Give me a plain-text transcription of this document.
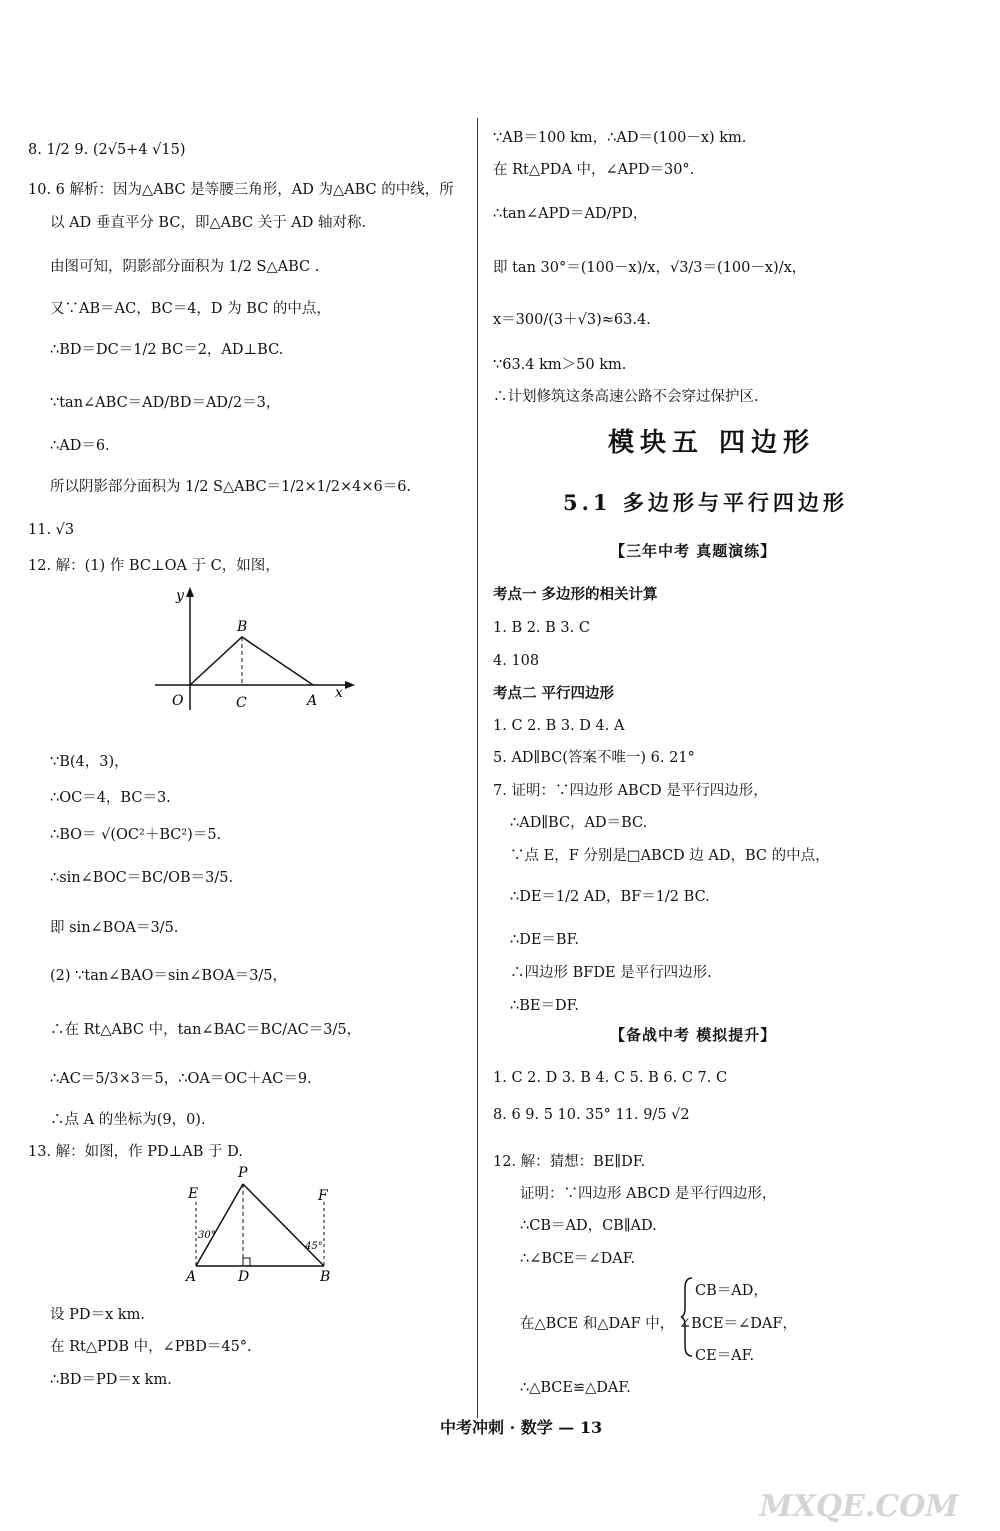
8. 1/2 9. (2√5+4 √15)
10. 6 解析：因为△ABC 是等腰三角形，AD 为△ABC 的中线，所
以 AD 垂直平分 BC，即△ABC 关于 AD 轴对称.
由图可知，阴影部分面积为 1/2 S△ABC .
又∵AB＝AC，BC＝4，D 为 BC 的中点，
∴BD＝DC＝1/2 BC＝2，AD⊥BC.
∵tan∠ABC＝AD/BD＝AD/2＝3，
∴AD＝6.
所以阴影部分面积为 1/2 S△ABC＝1/2×1/2×4×6＝6.
11. √3
12. 解：(1) 作 BC⊥OA 于 C，如图，
∵B(4，3)，
∴OC＝4，BC＝3.
∴BO＝ √(OC²＋BC²)＝5.
∴sin∠BOC＝BC/OB＝3/5.
即 sin∠BOA＝3/5.
(2) ∵tan∠BAO＝sin∠BOA＝3/5，
∴在 Rt△ABC 中，tan∠BAC＝BC/AC＝3/5，
∴AC＝5/3×3＝5，∴OA＝OC＋AC＝9.
∴点 A 的坐标为(9，0).
13. 解：如图，作 PD⊥AB 于 D.
设 PD＝x km.
在 Rt△PDB 中，∠PBD＝45°.
∴BD＝PD＝x km.
∵AB＝100 km，∴AD＝(100－x) km.
在 Rt△PDA 中，∠APD＝30°.
∴tan∠APD＝AD/PD，
即 tan 30°＝(100－x)/x，√3/3＝(100－x)/x，
x＝300/(3＋√3)≈63.4.
∵63.4 km＞50 km.
∴计划修筑这条高速公路不会穿过保护区.
考点一 多边形的相关计算
1. B 2. B 3. C
4. 108
考点二 平行四边形
1. C 2. B 3. D 4. A
5. AD∥BC(答案不唯一) 6. 21°
7. 证明：∵四边形 ABCD 是平行四边形，
∴AD∥BC，AD＝BC.
∵点 E，F 分别是□ABCD 边 AD，BC 的中点，
∴DE＝1/2 AD，BF＝1/2 BC.
∴DE＝BF.
∴四边形 BFDE 是平行四边形.
∴BE＝DF.
1. C 2. D 3. B 4. C 5. B 6. C 7. C
8. 6 9. 5 10. 35° 11. 9/5 √2
12. 解：猜想：BE∥DF.
证明：∵四边形 ABCD 是平行四边形，
∴CB＝AD，CB∥AD.
∴∠BCE＝∠DAF.
CB＝AD，
在△BCE 和△DAF 中， ∠BCE＝∠DAF，
CE＝AF.
∴△BCE≌△DAF.
模块五 四边形
5.1 多边形与平行四边形
【三年中考 真题演练】
【备战中考 模拟提升】
y
x
O	C
B
A
P
E	F
A	D	B
30°
45°
中考冲刺 · 数学 — 13
MXQE.COM
